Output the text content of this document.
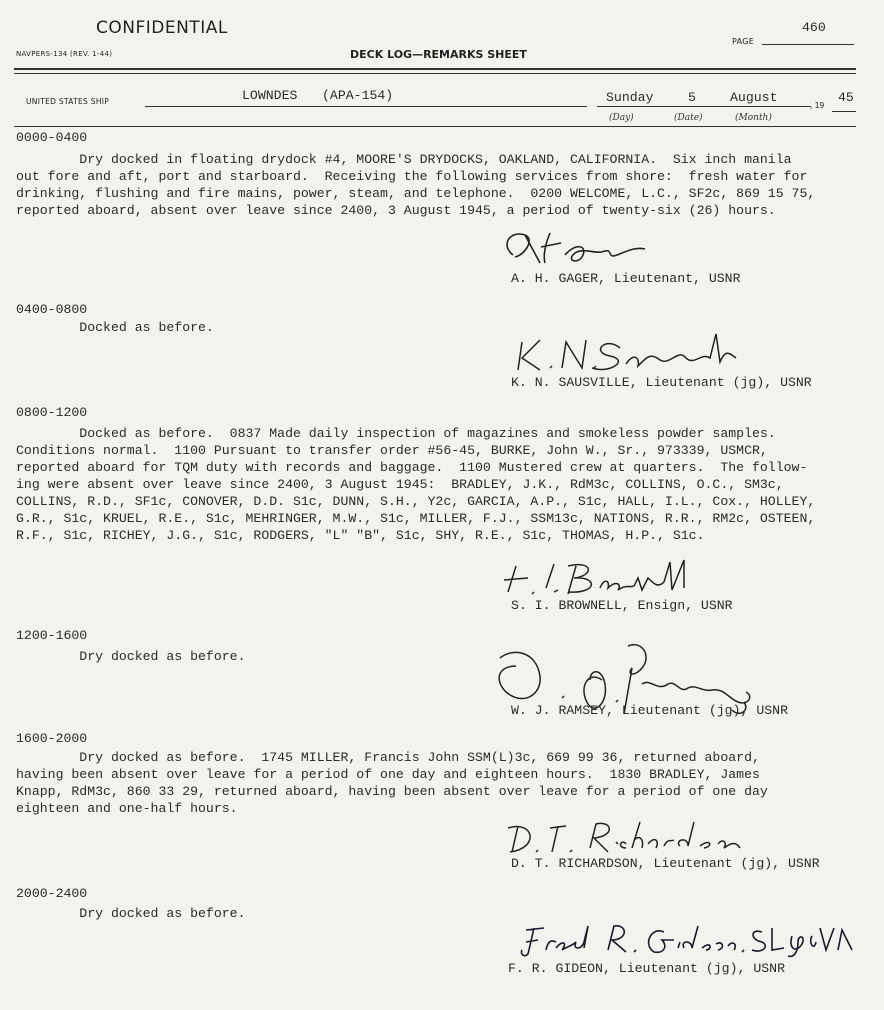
CONFIDENTIAL
NAVPERS-134 (REV. 1-44)	DECK LOG—REMARKS SHEET
PAGE
460
UNITED STATES SHIP	LOWNDES (APA-154)	Sunday	5	August
, 19
45
(Day)	(Date)	(Month)
0000-0400
Dry docked in floating drydock #4, MOORE'S DRYDOCKS, OAKLAND, CALIFORNIA.  Six inch manila
out fore and aft, port and starboard.  Receiving the following services from shore:  fresh water for
drinking, flushing and fire mains, power, steam, and telephone.  0200 WELCOME, L.C., SF2c, 869 15 75,
reported aboard, absent over leave since 2400, 3 August 1945, a period of twenty-six (26) hours.
A. H. GAGER, Lieutenant, USNR
0400-0800
Docked as before.
K. N. SAUSVILLE, Lieutenant (jg), USNR
0800-1200
Docked as before.  0837 Made daily inspection of magazines and smokeless powder samples.
Conditions normal.  1100 Pursuant to transfer order #56-45, BURKE, John W., Sr., 973339, USMCR,
reported aboard for TQM duty with records and baggage.  1100 Mustered crew at quarters.  The follow-
ing were absent over leave since 2400, 3 August 1945:  BRADLEY, J.K., RdM3c, COLLINS, O.C., SM3c,
COLLINS, R.D., SF1c, CONOVER, D.D. S1c, DUNN, S.H., Y2c, GARCIA, A.P., S1c, HALL, I.L., Cox., HOLLEY,
G.R., S1c, KRUEL, R.E., S1c, MEHRINGER, M.W., S1c, MILLER, F.J., SSM13c, NATIONS, R.R., RM2c, OSTEEN,
R.F., S1c, RICHEY, J.G., S1c, RODGERS, "L" "B", S1c, SHY, R.E., S1c, THOMAS, H.P., S1c.
S. I. BROWNELL, Ensign, USNR
1200-1600
Dry docked as before.
W. J. RAMSEY, Lieutenant (jg), USNR
1600-2000
Dry docked as before.  1745 MILLER, Francis John SSM(L)3c, 669 99 36, returned aboard,
having been absent over leave for a period of one day and eighteen hours.  1830 BRADLEY, James
Knapp, RdM3c, 860 33 29, returned aboard, having been absent over leave for a period of one day
eighteen and one-half hours.
D. T. RICHARDSON, Lieutenant (jg), USNR
2000-2400
Dry docked as before.
F. R. GIDEON, Lieutenant (jg), USNR
